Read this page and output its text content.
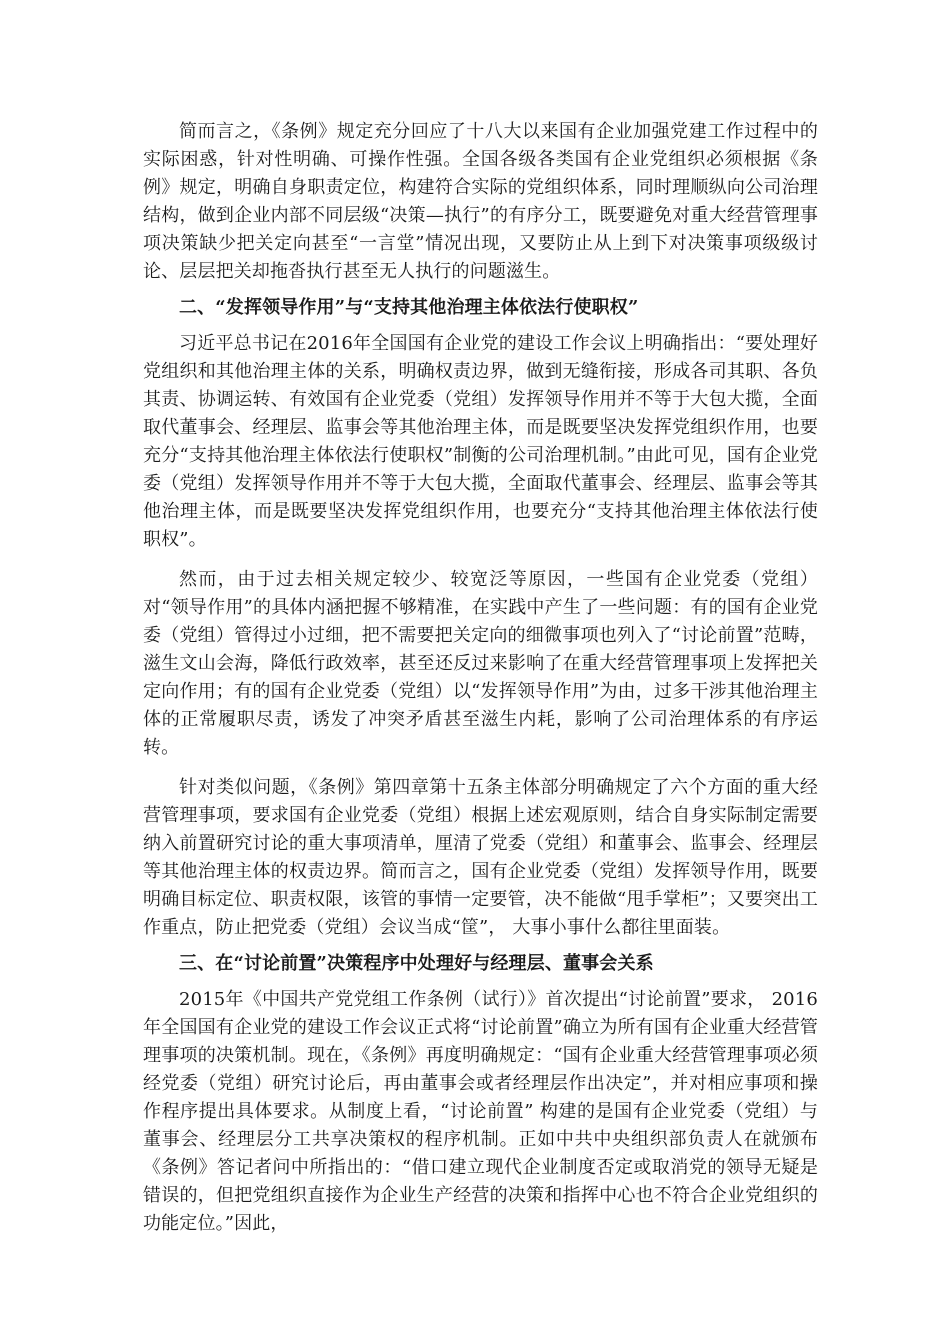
简而言之，《条例》规定充分回应了十八大以来国有企业加强党建工作过程中的实际困惑，针对性明确、可操作性强。全国各级各类国有企业党组织必须根据《条例》规定，明确自身职责定位，构建符合实际的党组织体系，同时理顺纵向公司治理结构，做到企业内部不同层级“决策—执行”的有序分工，既要避免对重大经营管理事项决策缺少把关定向甚至“一言堂”情况出现，又要防止从上到下对决策事项级级讨论、层层把关却拖沓执行甚至无人执行的问题滋生。

二、“发挥领导作用”与“支持其他治理主体依法行使职权”

习近平总书记在2016年全国国有企业党的建设工作会议上明确指出：“要处理好党组织和其他治理主体的关系，明确权责边界，做到无缝衔接，形成各司其职、各负其责、协调运转、有效国有企业党委（党组）发挥领导作用并不等于大包大揽，全面取代董事会、经理层、监事会等其他治理主体，而是既要坚决发挥党组织作用，也要充分“支持其他治理主体依法行使职权”制衡的公司治理机制。”由此可见，国有企业党委（党组）发挥领导作用并不等于大包大揽，全面取代董事会、经理层、监事会等其他治理主体，而是既要坚决发挥党组织作用，也要充分“支持其他治理主体依法行使职权”。

然而，由于过去相关规定较少、较宽泛等原因，一些国有企业党委（党组） 对“领导作用”的具体内涵把握不够精准，在实践中产生了一些问题：有的国有企业党委（党组）管得过小过细，把不需要把关定向的细微事项也列入了“讨论前置”范畴，滋生文山会海，降低行政效率，甚至还反过来影响了在重大经营管理事项上发挥把关定向作用；有的国有企业党委（党组）以“发挥领导作用”为由，过多干涉其他治理主体的正常履职尽责，诱发了冲突矛盾甚至滋生内耗，影响了公司治理体系的有序运转。

针对类似问题，《条例》第四章第十五条主体部分明确规定了六个方面的重大经营管理事项，要求国有企业党委（党组）根据上述宏观原则，结合自身实际制定需要纳入前置研究讨论的重大事项清单，厘清了党委（党组）和董事会、监事会、经理层等其他治理主体的权责边界。简而言之，国有企业党委（党组）发挥领导作用，既要明确目标定位、职责权限，该管的事情一定要管，决不能做“甩手掌柜”；又要突出工作重点，防止把党委（党组）会议当成“筐”， 大事小事什么都往里面装。

三、在“讨论前置”决策程序中处理好与经理层、董事会关系

2015年《中国共产党党组工作条例（试行）》首次提出“讨论前置”要求， 2016年全国国有企业党的建设工作会议正式将“讨论前置”确立为所有国有企业重大经营管理事项的决策机制。现在，《条例》再度明确规定：“国有企业重大经营管理事项必须经党委（党组）研究讨论后，再由董事会或者经理层作出决定”，并对相应事项和操作程序提出具体要求。从制度上看，“讨论前置” 构建的是国有企业党委（党组）与董事会、经理层分工共享决策权的程序机制。正如中共中央组织部负责人在就颁布《条例》答记者问中所指出的：“借口建立现代企业制度否定或取消党的领导无疑是错误的，但把党组织直接作为企业生产经营的决策和指挥中心也不符合企业党组织的功能定位。”因此，
